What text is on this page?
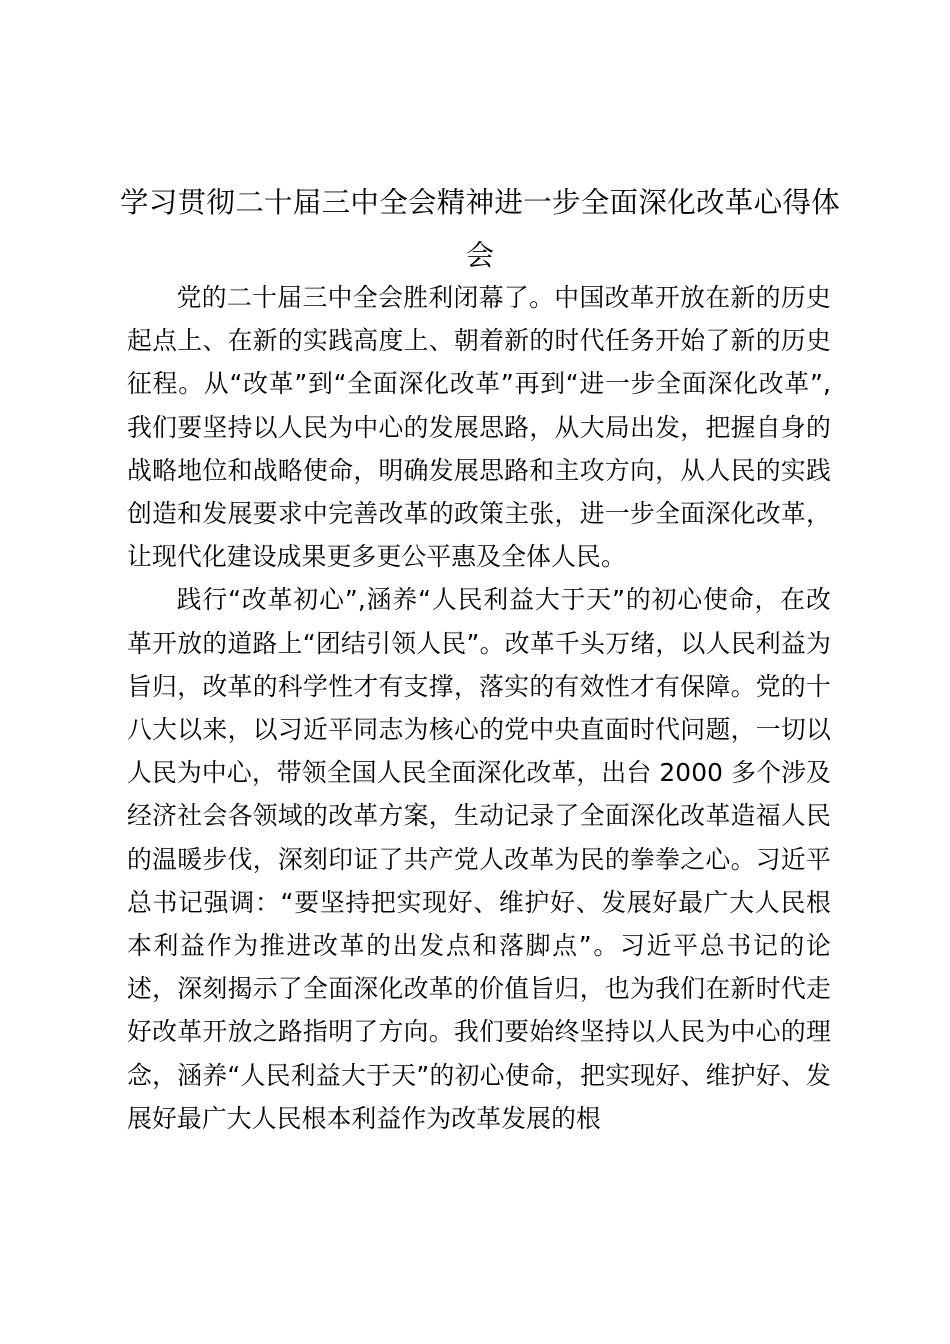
学习贯彻二十届三中全会精神进一步全面深化改革心得体会

党的二十届三中全会胜利闭幕了。中国改革开放在新的历史起点上、在新的实践高度上、朝着新的时代任务开始了新的历史征程。从“改革”到“全面深化改革”再到“进一步全面深化改革”,我们要坚持以人民为中心的发展思路，从大局出发，把握自身的战略地位和战略使命，明确发展思路和主攻方向，从人民的实践创造和发展要求中完善改革的政策主张，进一步全面深化改革，让现代化建设成果更多更公平惠及全体人民。

践行“改革初心”,涵养“人民利益大于天”的初心使命，在改革开放的道路上“团结引领人民”。改革千头万绪，以人民利益为旨归，改革的科学性才有支撑，落实的有效性才有保障。党的十八大以来，以习近平同志为核心的党中央直面时代问题，一切以人民为中心，带领全国人民全面深化改革，出台 2000 多个涉及经济社会各领域的改革方案，生动记录了全面深化改革造福人民的温暖步伐，深刻印证了共产党人改革为民的拳拳之心。习近平总书记强调：“要坚持把实现好、维护好、发展好最广大人民根本利益作为推进改革的出发点和落脚点”。习近平总书记的论述，深刻揭示了全面深化改革的价值旨归，也为我们在新时代走好改革开放之路指明了方向。我们要始终坚持以人民为中心的理念，涵养“人民利益大于天”的初心使命，把实现好、维护好、发展好最广大人民根本利益作为改革发展的根
